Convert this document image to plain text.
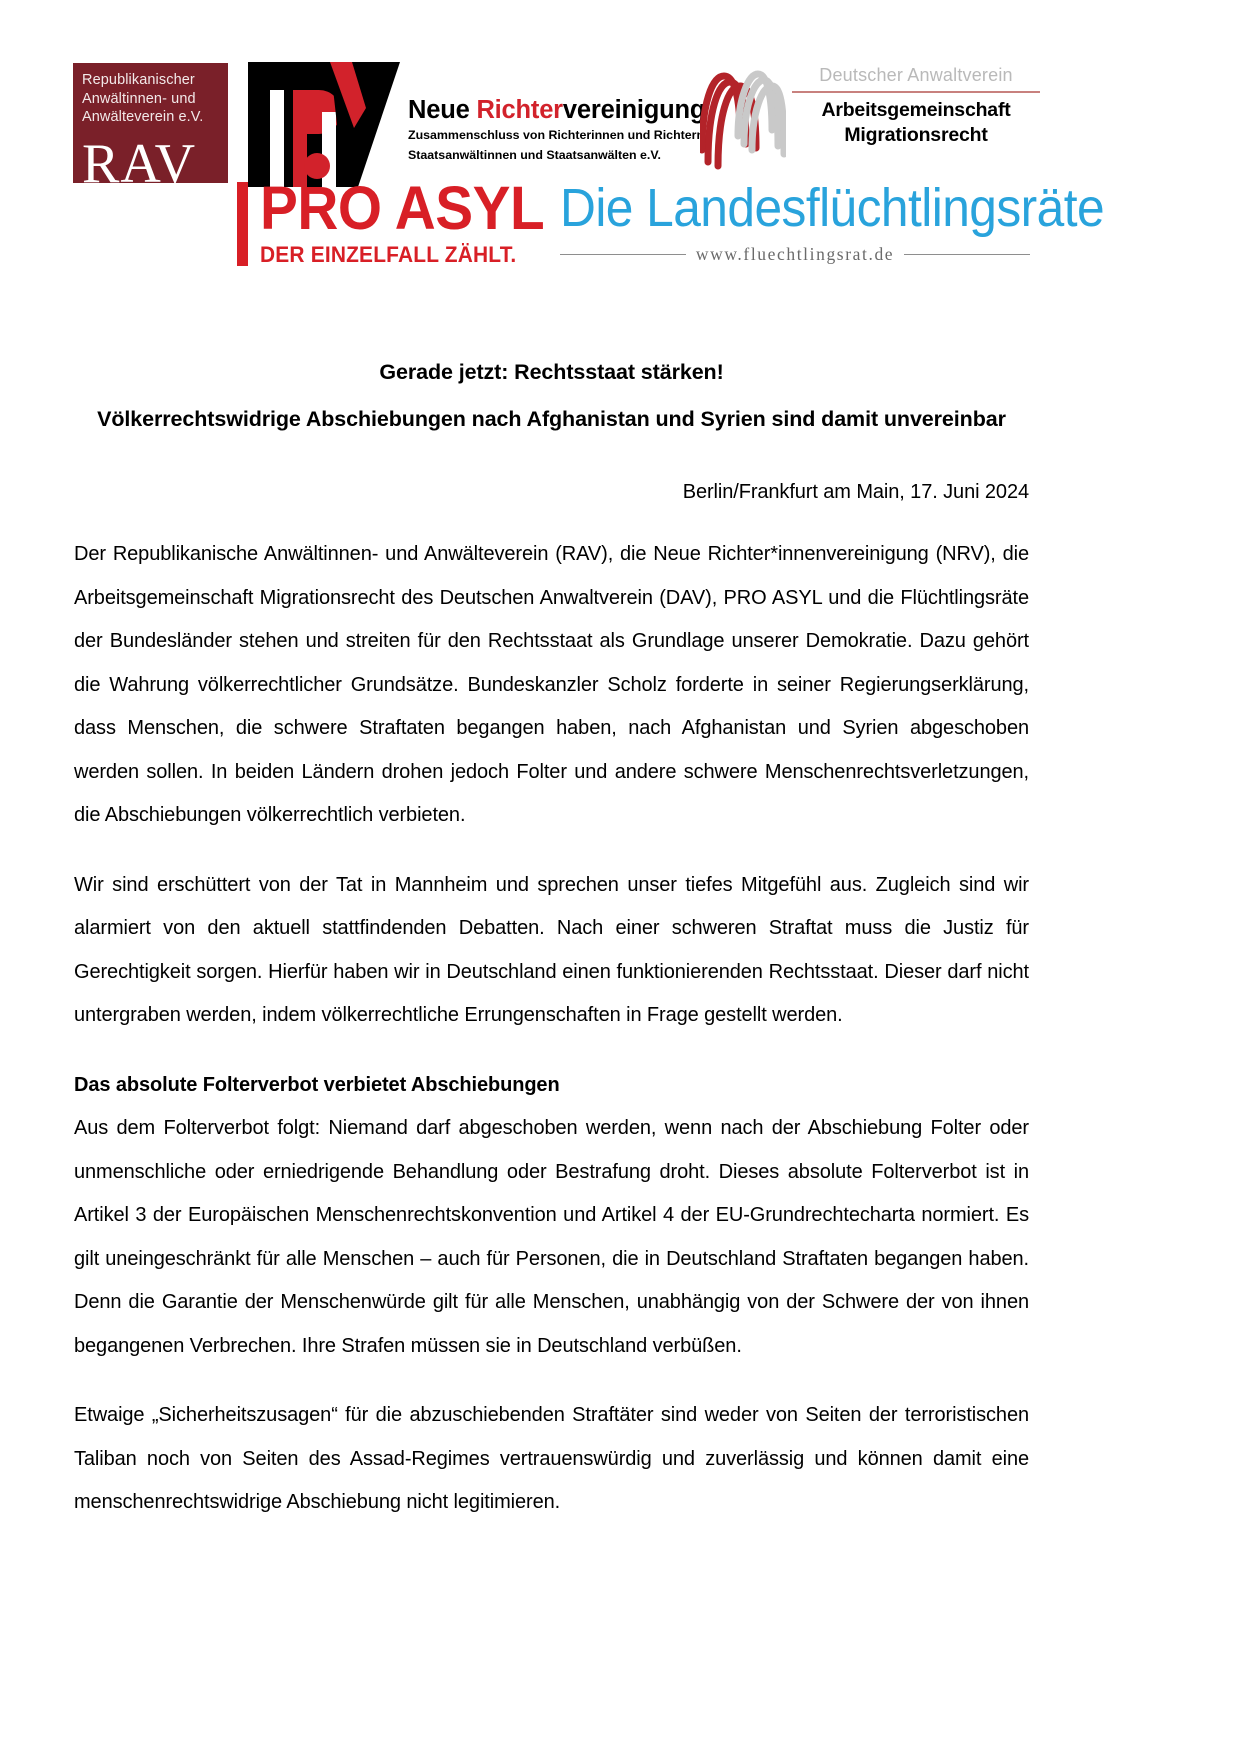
Republikanischer
Anwältinnen- und
Anwälteverein e.V.
RAV
Neue Richtervereinigung
Zusammenschluss von Richterinnen und Richtern,
Staatsanwältinnen und Staatsanwälten e.V.
Deutscher Anwaltverein
Arbeitsgemeinschaft
Migrationsrecht
PRO ASYL
DER EINZELFALL ZÄHLT.
Die Landesflüchtlingsräte
www.fluechtlingsrat.de
Gerade jetzt: Rechtsstaat stärken!
Völkerrechtswidrige Abschiebungen nach Afghanistan und Syrien sind damit unvereinbar
Berlin/Frankfurt am Main, 17. Juni 2024

Der Republikanische Anwältinnen- und Anwälteverein (RAV), die Neue Richter*innenvereinigung (NRV), die Arbeitsgemeinschaft Migrationsrecht des Deutschen Anwaltverein (DAV), PRO ASYL und die Flüchtlingsräte der Bundesländer stehen und streiten für den Rechtsstaat als Grundlage unserer Demokratie. Dazu gehört die Wahrung völkerrechtlicher Grundsätze. Bundeskanzler Scholz forderte in seiner Regierungserklärung, dass Menschen, die schwere Straftaten begangen haben, nach Afghanistan und Syrien abgeschoben werden sollen. In beiden Ländern drohen jedoch Folter und andere schwere Menschenrechtsverletzungen, die Abschiebungen völkerrechtlich verbieten.

Wir sind erschüttert von der Tat in Mannheim und sprechen unser tiefes Mitgefühl aus. Zugleich sind wir alarmiert von den aktuell stattfindenden Debatten. Nach einer schweren Straftat muss die Justiz für Gerechtigkeit sorgen. Hierfür haben wir in Deutschland einen funktionierenden Rechtsstaat. Dieser darf nicht untergraben werden, indem völkerrechtliche Errungenschaften in Frage gestellt werden.

Das absolute Folterverbot verbietet Abschiebungen

Aus dem Folterverbot folgt: Niemand darf abgeschoben werden, wenn nach der Abschiebung Folter oder unmenschliche oder erniedrigende Behandlung oder Bestrafung droht. Dieses absolute Folterverbot ist in Artikel 3 der Europäischen Menschenrechtskonvention und Artikel 4 der EU-Grundrechtecharta normiert. Es gilt uneingeschränkt für alle Menschen – auch für Personen, die in Deutschland Straftaten begangen haben. Denn die Garantie der Menschenwürde gilt für alle Menschen, unabhängig von der Schwere der von ihnen begangenen Verbrechen. Ihre Strafen müssen sie in Deutschland verbüßen.

Etwaige „Sicherheitszusagen“ für die abzuschiebenden Straftäter sind weder von Seiten der terroristischen Taliban noch von Seiten des Assad-Regimes vertrauenswürdig und zuverlässig und können damit eine menschenrechtswidrige Abschiebung nicht legitimieren.
